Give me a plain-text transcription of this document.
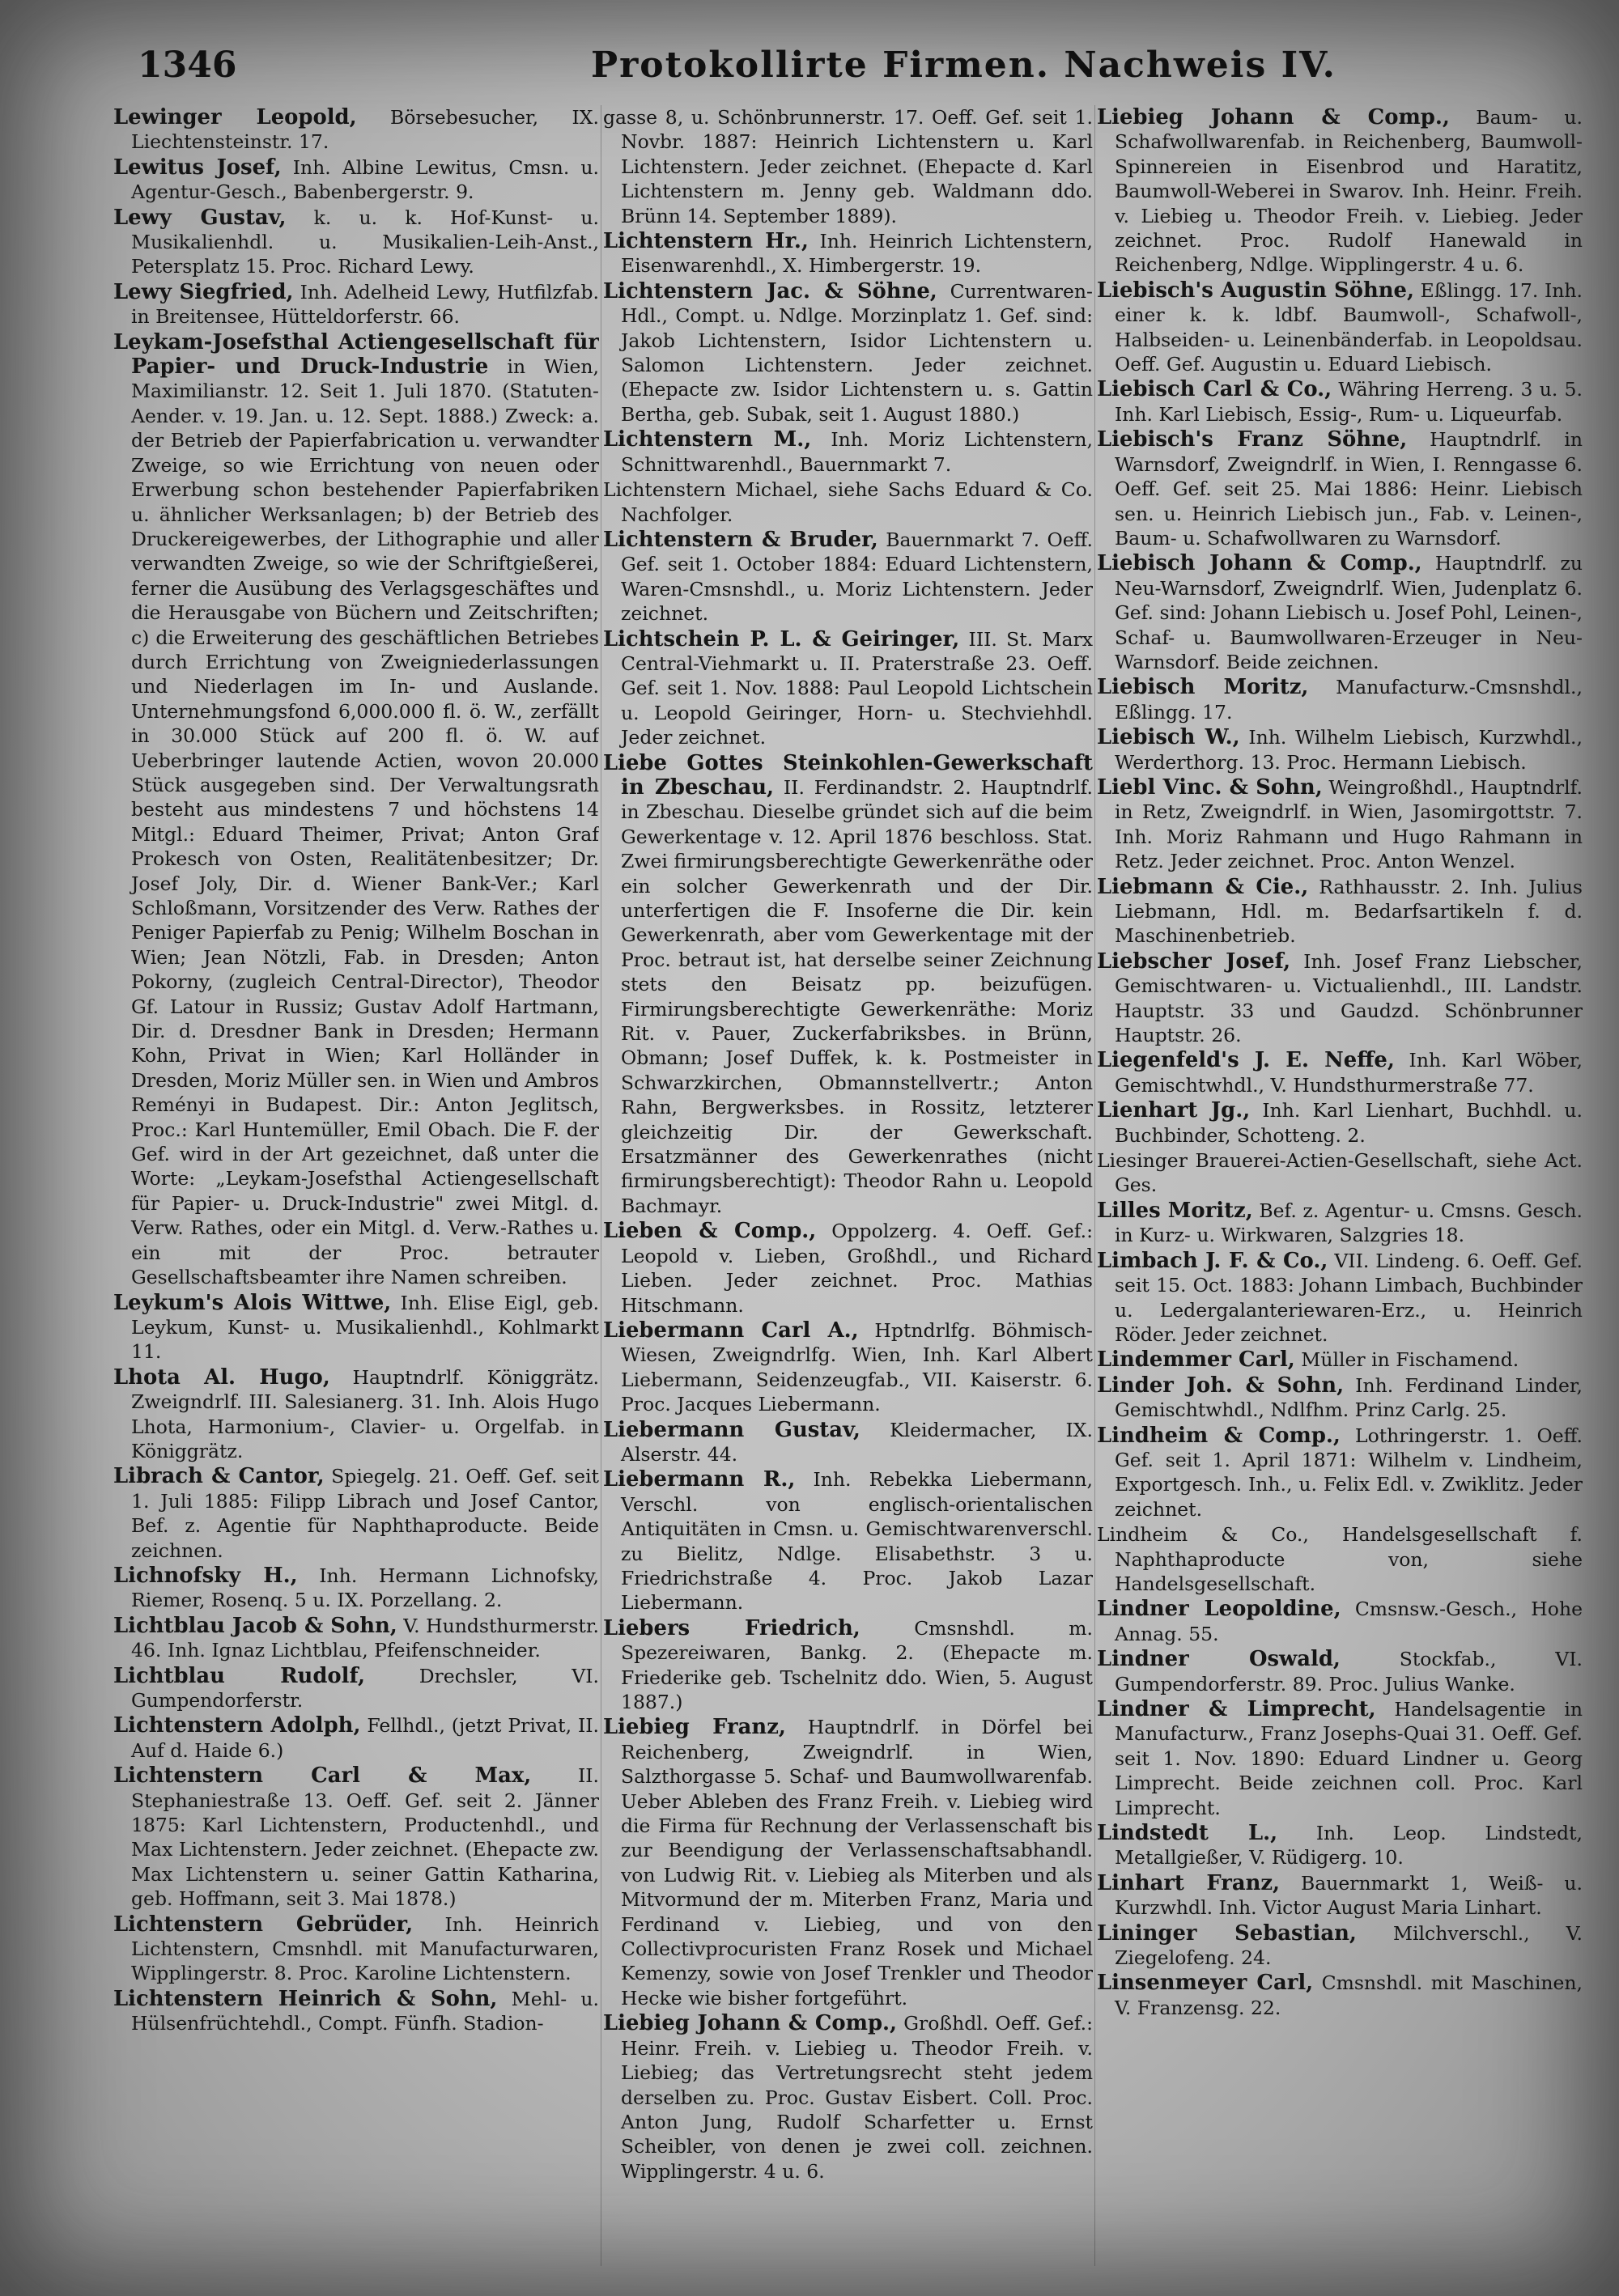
1346	Protokollirte Firmen. Nachweis IV.

Lewinger Leopold, Börsebesucher, IX. Liechtensteinstr. 17.

Lewitus Josef, Inh. Albine Lewitus, Cmsn. u. Agentur-Gesch., Babenbergerstr. 9.

Lewy Gustav, k. u. k. Hof-Kunst- u. Musikalienhdl. u. Musikalien-Leih-Anst., Petersplatz 15. Proc. Richard Lewy.

Lewy Siegfried, Inh. Adelheid Lewy, Hutfilzfab. in Breitensee, Hütteldorferstr. 66.

Leykam-Josefsthal Actiengesellschaft für Papier- und Druck-Industrie in Wien, Maximilianstr. 12. Seit 1. Juli 1870. (Statuten-Aender. v. 19. Jan. u. 12. Sept. 1888.) Zweck: a. der Betrieb der Papierfabrication u. verwandter Zweige, so wie Errichtung von neuen oder Erwerbung schon bestehender Papierfabriken u. ähnlicher Werksanlagen; b) der Betrieb des Druckereigewerbes, der Lithographie und aller verwandten Zweige, so wie der Schriftgießerei, ferner die Ausübung des Verlagsgeschäftes und die Herausgabe von Büchern und Zeitschriften; c) die Erweiterung des geschäftlichen Betriebes durch Errichtung von Zweigniederlassungen und Niederlagen im In- und Auslande. Unternehmungsfond 6,000.000 fl. ö. W., zerfällt in 30.000 Stück auf 200 fl. ö. W. auf Ueberbringer lautende Actien, wovon 20.000 Stück ausgegeben sind. Der Verwaltungsrath besteht aus mindestens 7 und höchstens 14 Mitgl.: Eduard Theimer, Privat; Anton Graf Prokesch von Osten, Realitätenbesitzer; Dr. Josef Joly, Dir. d. Wiener Bank-Ver.; Karl Schloßmann, Vorsitzender des Verw. Rathes der Peniger Papierfab zu Penig; Wilhelm Boschan in Wien; Jean Nötzli, Fab. in Dresden; Anton Pokorny, (zugleich Central-Director), Theodor Gf. Latour in Russiz; Gustav Adolf Hartmann, Dir. d. Dresdner Bank in Dresden; Hermann Kohn, Privat in Wien; Karl Holländer in Dresden, Moriz Müller sen. in Wien und Ambros Reményi in Budapest. Dir.: Anton Jeglitsch, Proc.: Karl Huntemüller, Emil Obach. Die F. der Gef. wird in der Art gezeichnet, daß unter die Worte: „Leykam-Josefsthal Actiengesellschaft für Papier- u. Druck-Industrie" zwei Mitgl. d. Verw. Rathes, oder ein Mitgl. d. Verw.-Rathes u. ein mit der Proc. betrauter Gesellschaftsbeamter ihre Namen schreiben.

Leykum's Alois Wittwe, Inh. Elise Eigl, geb. Leykum, Kunst- u. Musikalienhdl., Kohlmarkt 11.

Lhota Al. Hugo, Hauptndrlf. Königgrätz. Zweigndrlf. III. Salesianerg. 31. Inh. Alois Hugo Lhota, Harmonium-, Clavier- u. Orgelfab. in Königgrätz.

Librach & Cantor, Spiegelg. 21. Oeff. Gef. seit 1. Juli 1885: Filipp Librach und Josef Cantor, Bef. z. Agentie für Naphthaproducte. Beide zeichnen.

Lichnofsky H., Inh. Hermann Lichnofsky, Riemer, Rosenq. 5 u. IX. Porzellang. 2.

Lichtblau Jacob & Sohn, V. Hundsthurmerstr. 46. Inh. Ignaz Lichtblau, Pfeifenschneider.

Lichtblau Rudolf,	Drechsler, VI. Gumpendorferstr.

Lichtenstern Adolph, Fellhdl., (jetzt Privat, II. Auf d. Haide 6.)

Lichtenstern Carl & Max, II. Stephaniestraße 13. Oeff. Gef. seit 2. Jänner 1875: Karl Lichtenstern, Productenhdl., und Max Lichtenstern. Jeder zeichnet. (Ehepacte zw. Max Lichtenstern u. seiner Gattin Katharina, geb. Hoffmann, seit 3. Mai 1878.)

Lichtenstern Gebrüder, Inh. Heinrich Lichtenstern, Cmsnhdl. mit Manufacturwaren, Wipplingerstr. 8. Proc. Karoline Lichtenstern.

Lichtenstern Heinrich & Sohn, Mehl- u. Hülsenfrüchtehdl., Compt. Fünfh. Stadion-

gasse 8, u. Schönbrunnerstr. 17. Oeff. Gef. seit 1. Novbr. 1887: Heinrich Lichtenstern u. Karl Lichtenstern. Jeder zeichnet. (Ehepacte d. Karl Lichtenstern m. Jenny geb. Waldmann ddo. Brünn 14. September 1889).

Lichtenstern Hr., Inh. Heinrich Lichtenstern, Eisenwarenhdl., X. Himbergerstr. 19.

Lichtenstern Jac. & Söhne, Currentwaren-Hdl., Compt. u. Ndlge. Morzinplatz 1. Gef. sind: Jakob Lichtenstern, Isidor Lichtenstern u. Salomon Lichtenstern. Jeder zeichnet. (Ehepacte zw. Isidor Lichtenstern u. s. Gattin Bertha, geb. Subak, seit 1. August 1880.)

Lichtenstern M., Inh. Moriz Lichtenstern, Schnittwarenhdl., Bauernmarkt 7.

Lichtenstern Michael, siehe Sachs Eduard & Co. Nachfolger.

Lichtenstern & Bruder, Bauernmarkt 7. Oeff. Gef. seit 1. October 1884: Eduard Lichtenstern, Waren-Cmsnshdl., u. Moriz Lichtenstern. Jeder zeichnet.

Lichtschein P. L. & Geiringer, III. St. Marx Central-Viehmarkt u. II. Praterstraße 23. Oeff. Gef. seit 1. Nov. 1888: Paul Leopold Lichtschein u. Leopold Geiringer, Horn- u. Stechviehhdl. Jeder zeichnet.

Liebe Gottes Steinkohlen-Gewerkschaft in Zbeschau, II. Ferdinandstr. 2. Hauptndrlf. in Zbeschau. Dieselbe gründet sich auf die beim Gewerkentage v. 12. April 1876 beschloss. Stat. Zwei firmirungsberechtigte Gewerkenräthe oder ein solcher Gewerkenrath und der Dir. unterfertigen die F. Insoferne die Dir. kein Gewerkenrath, aber vom Gewerkentage mit der Proc. betraut ist, hat derselbe seiner Zeichnung stets den Beisatz pp. beizufügen. Firmirungsberechtigte Gewerkenräthe: Moriz Rit. v. Pauer, Zuckerfabriksbes. in Brünn, Obmann; Josef Duffek, k. k. Postmeister in Schwarzkirchen, Obmannstellvertr.; Anton Rahn, Bergwerksbes. in Rossitz, letzterer gleichzeitig Dir. der Gewerkschaft. Ersatzmänner des Gewerkenrathes (nicht firmirungsberechtigt): Theodor Rahn u. Leopold Bachmayr.

Lieben & Comp., Oppolzerg. 4. Oeff. Gef.: Leopold v. Lieben, Großhdl., und Richard Lieben. Jeder zeichnet. Proc. Mathias Hitschmann.

Liebermann Carl A., Hptndrlfg. Böhmisch-Wiesen, Zweigndrlfg. Wien, Inh. Karl Albert Liebermann, Seidenzeugfab., VII. Kaiserstr. 6. Proc. Jacques Liebermann.

Liebermann Gustav, Kleidermacher, IX. Alserstr. 44.

Liebermann R., Inh. Rebekka Liebermann, Verschl. von englisch-orientalischen Antiquitäten in Cmsn. u. Gemischtwarenverschl. zu Bielitz, Ndlge. Elisabethstr. 3 u. Friedrichstraße 4. Proc. Jakob Lazar Liebermann.

Liebers Friedrich,	Cmsnshdl. m. Spezereiwaren, Bankg. 2. (Ehepacte m. Friederike geb. Tschelnitz ddo. Wien, 5. August 1887.)

Liebieg Franz, Hauptndrlf. in Dörfel bei Reichenberg, Zweigndrlf. in Wien, Salzthorgasse 5. Schaf- und Baumwollwarenfab. Ueber Ableben des Franz Freih. v. Liebieg wird die Firma für Rechnung der Verlassenschaft bis zur Beendigung der Verlassenschaftsabhandl. von Ludwig Rit. v. Liebieg als Miterben und als Mitvormund der m. Miterben Franz, Maria und Ferdinand v. Liebieg, und von den Collectivprocuristen Franz Rosek und Michael Kemenzy, sowie von Josef Trenkler und Theodor Hecke wie bisher fortgeführt.

Liebieg Johann & Comp., Großhdl. Oeff. Gef.: Heinr. Freih. v. Liebieg u. Theodor Freih. v. Liebieg; das Vertretungsrecht steht jedem derselben zu. Proc. Gustav Eisbert. Coll. Proc. Anton Jung, Rudolf Scharfetter u. Ernst Scheibler, von denen je zwei coll. zeichnen. Wipplingerstr. 4 u. 6.

Liebieg Johann & Comp., Baum- u. Schafwollwarenfab. in Reichenberg, Baumwoll-Spinnereien in Eisenbrod und Haratitz, Baumwoll-Weberei in Swarov. Inh. Heinr. Freih. v. Liebieg u. Theodor Freih. v. Liebieg. Jeder zeichnet. Proc. Rudolf Hanewald in Reichenberg, Ndlge. Wipplingerstr. 4 u. 6.

Liebisch's Augustin Söhne, Eßlingg. 17. Inh. einer k. k. ldbf. Baumwoll-, Schafwoll-, Halbseiden- u. Leinenbänderfab. in Leopoldsau. Oeff. Gef. Augustin u. Eduard Liebisch.

Liebisch Carl & Co., Währing Herreng. 3 u. 5. Inh. Karl Liebisch, Essig-, Rum- u. Liqueurfab.

Liebisch's Franz Söhne, Hauptndrlf. in Warnsdorf, Zweigndrlf. in Wien, I. Renngasse 6. Oeff. Gef. seit 25. Mai 1886: Heinr. Liebisch sen. u. Heinrich Liebisch jun., Fab. v. Leinen-, Baum- u. Schafwollwaren zu Warnsdorf.

Liebisch Johann & Comp., Hauptndrlf. zu Neu-Warnsdorf, Zweigndrlf. Wien, Judenplatz 6. Gef. sind: Johann Liebisch u. Josef Pohl, Leinen-, Schaf- u. Baumwollwaren-Erzeuger in Neu-Warnsdorf. Beide zeichnen.

Liebisch Moritz, Manufacturw.-Cmsnshdl., Eßlingg. 17.

Liebisch W., Inh. Wilhelm Liebisch, Kurzwhdl., Werderthorg. 13. Proc. Hermann Liebisch.

Liebl Vinc. & Sohn, Weingroßhdl., Hauptndrlf. in Retz, Zweigndrlf. in Wien, Jasomirgottstr. 7. Inh. Moriz Rahmann und Hugo Rahmann in Retz. Jeder zeichnet. Proc. Anton Wenzel.

Liebmann & Cie., Rathhausstr. 2. Inh. Julius Liebmann, Hdl. m. Bedarfsartikeln f. d. Maschinenbetrieb.

Liebscher Josef, Inh. Josef Franz Liebscher, Gemischtwaren- u. Victualienhdl., III. Landstr. Hauptstr. 33 und Gaudzd. Schönbrunner Hauptstr. 26.

Liegenfeld's J. E. Neffe, Inh. Karl Wöber, Gemischtwhdl., V. Hundsthurmerstraße 77.

Lienhart Jg., Inh. Karl Lienhart, Buchhdl. u. Buchbinder, Schotteng. 2.

Liesinger Brauerei-Actien-Gesellschaft, siehe Act. Ges.

Lilles Moritz, Bef. z. Agentur- u. Cmsns. Gesch. in Kurz- u. Wirkwaren, Salzgries 18.

Limbach J. F. & Co., VII. Lindeng. 6. Oeff. Gef. seit 15. Oct. 1883: Johann Limbach, Buchbinder u. Ledergalanteriewaren-Erz., u. Heinrich Röder. Jeder zeichnet.

Lindemmer Carl, Müller in Fischamend.

Linder Joh. & Sohn, Inh. Ferdinand Linder, Gemischtwhdl., Ndlfhm. Prinz Carlg. 25.

Lindheim & Comp., Lothringerstr. 1. Oeff. Gef. seit 1. April 1871: Wilhelm v. Lindheim, Exportgesch. Inh., u. Felix Edl. v. Zwiklitz. Jeder zeichnet.

Lindheim & Co., Handelsgesellschaft f. Naphthaproducte von, siehe Handelsgesellschaft.

Lindner Leopoldine, Cmsnsw.-Gesch., Hohe Annag. 55.

Lindner Oswald,	Stockfab., VI. Gumpendorferstr. 89. Proc. Julius Wanke.

Lindner & Limprecht, Handelsagentie in Manufacturw., Franz Josephs-Quai 31. Oeff. Gef. seit 1. Nov. 1890: Eduard Lindner u. Georg Limprecht. Beide zeichnen coll. Proc. Karl Limprecht.

Lindstedt L., Inh. Leop. Lindstedt, Metallgießer, V. Rüdigerg. 10.

Linhart Franz, Bauernmarkt 1, Weiß- u. Kurzwhdl. Inh. Victor August Maria Linhart.

Lininger Sebastian, Milchverschl., V. Ziegelofeng. 24.

Linsenmeyer Carl, Cmsnshdl. mit Maschinen, V. Franzensg. 22.
